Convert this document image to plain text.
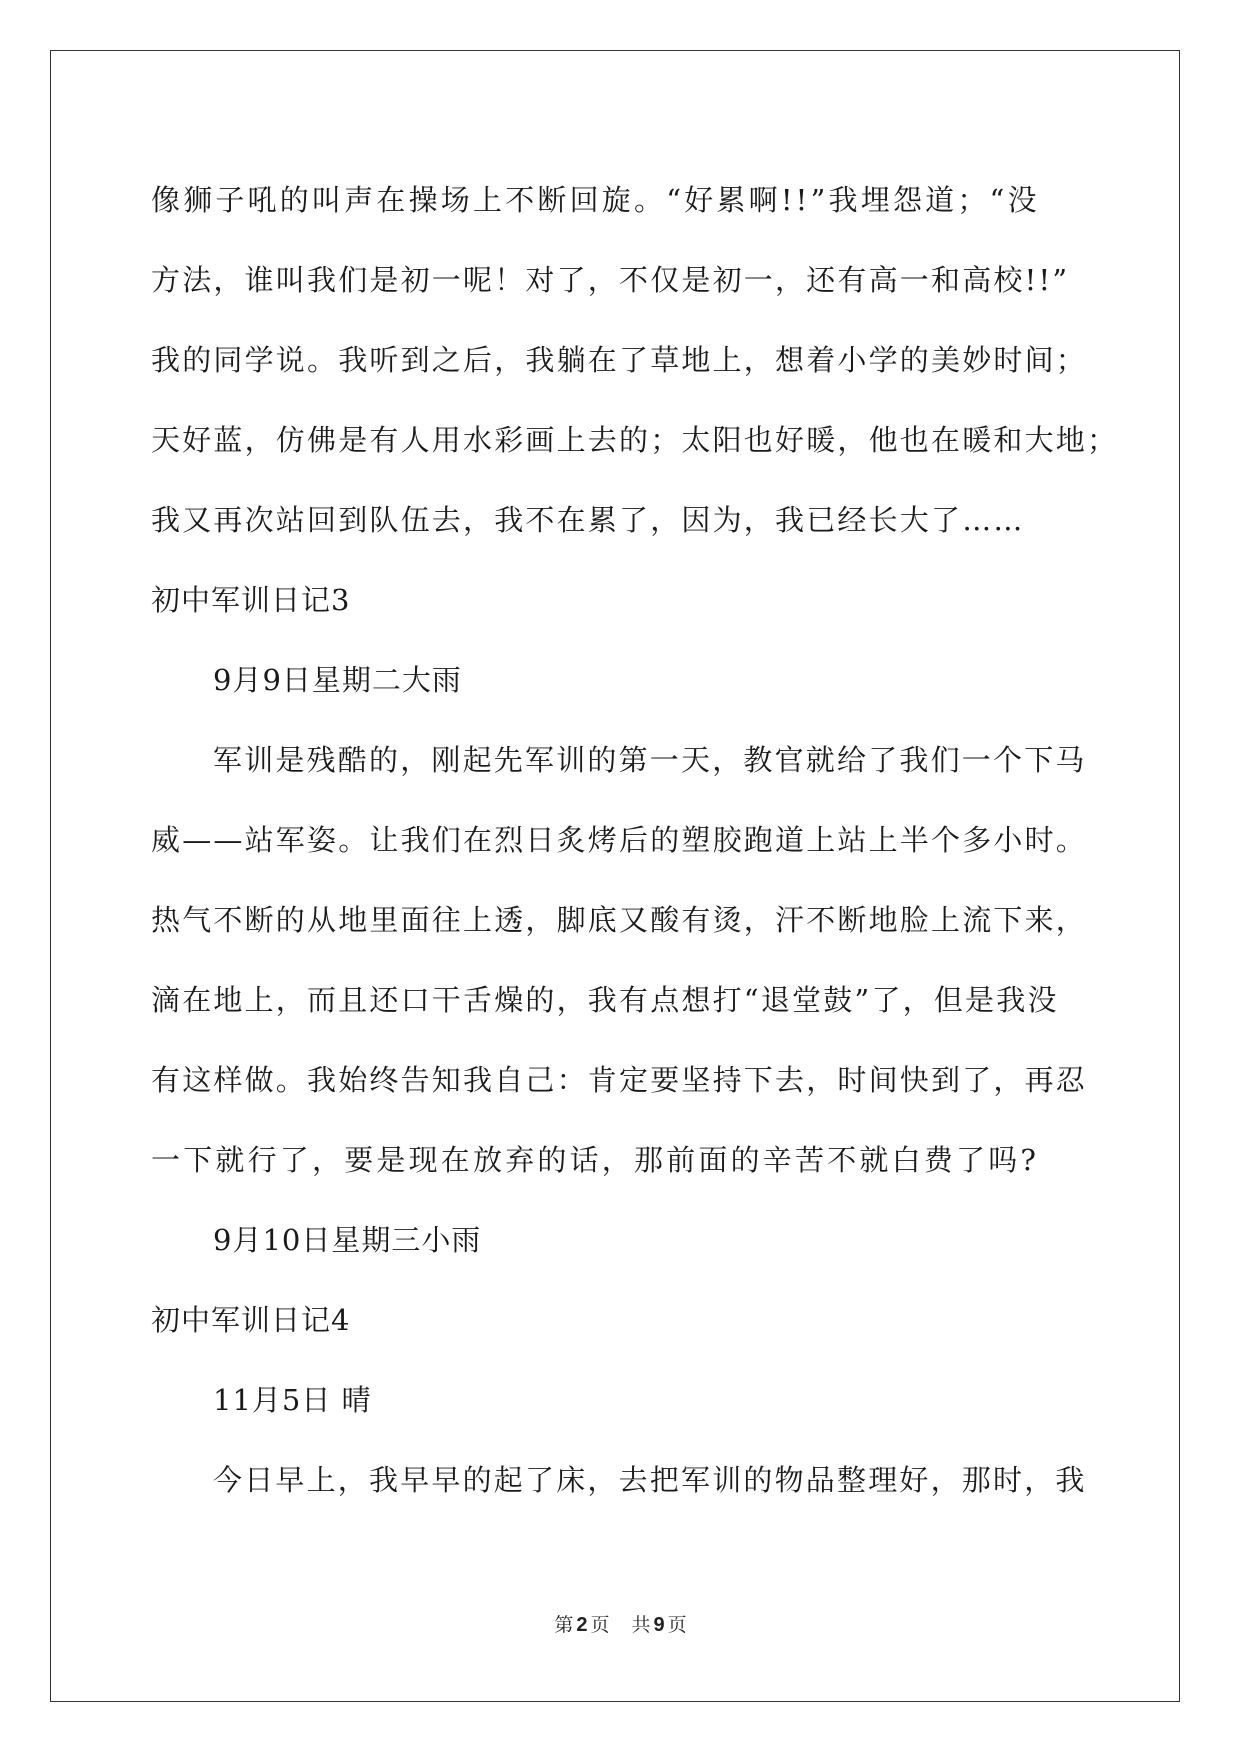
像狮子吼的叫声在操场上不断回旋。“好累啊!!”我埋怨道；“没
方法，谁叫我们是初一呢！对了，不仅是初一，还有高一和高校!!”
我的同学说。我听到之后，我躺在了草地上，想着小学的美妙时间；
天好蓝，仿佛是有人用水彩画上去的；太阳也好暖，他也在暖和大地；
我又再次站回到队伍去，我不在累了，因为，我已经长大了……
初中军训日记3
9月9日星期二大雨
军训是残酷的，刚起先军训的第一天，教官就给了我们一个下马
威——站军姿。让我们在烈日炙烤后的塑胶跑道上站上半个多小时。
热气不断的从地里面往上透，脚底又酸有烫，汗不断地脸上流下来，
滴在地上，而且还口干舌燥的，我有点想打“退堂鼓”了，但是我没
有这样做。我始终告知我自己：肯定要坚持下去，时间快到了，再忍
一下就行了，要是现在放弃的话，那前面的辛苦不就白费了吗?
9月10日星期三小雨
初中军训日记4
11月5日 晴
今日早上，我早早的起了床，去把军训的物品整理好，那时，我
第 2 页 共 9 页
